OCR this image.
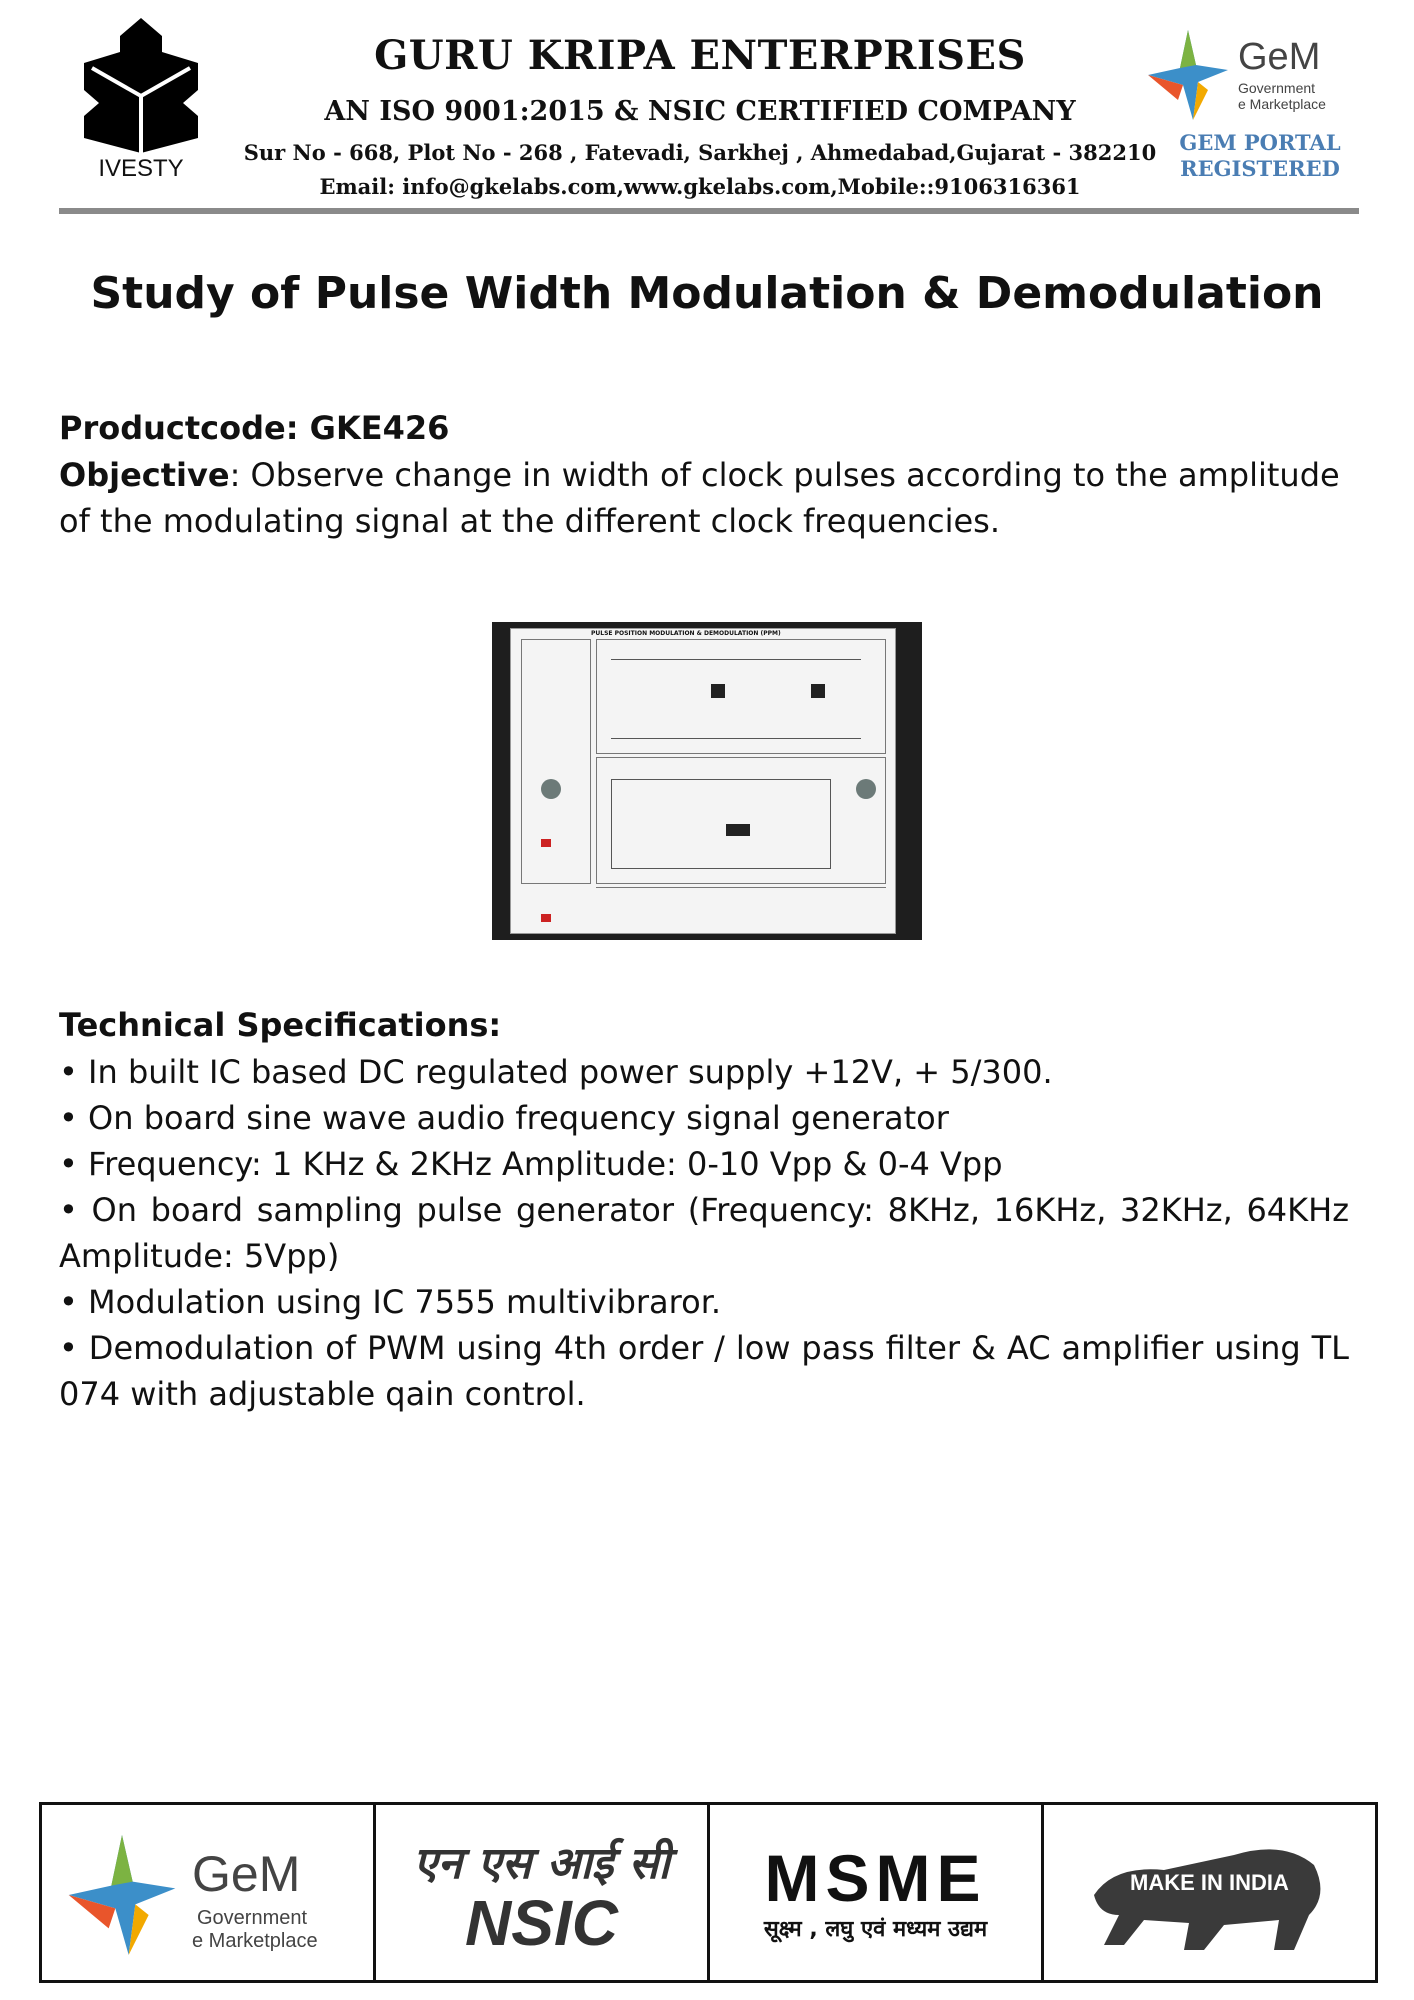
IVESTY
GURU KRIPA ENTERPRISES
AN ISO 9001:2015 & NSIC CERTIFIED COMPANY
Sur No - 668, Plot No - 268 , Fatevadi, Sarkhej , Ahmedabad,Gujarat - 382210
Email: info@gkelabs.com,www.gkelabs.com,Mobile::9106316361
GeM
Government
e Marketplace
GEM PORTAL
REGISTERED
Study of Pulse Width Modulation & Demodulation
Productcode: GKE426
Objective: Observe change in width of clock pulses according to the amplitude of the modulating signal at the different clock frequencies.
PULSE POSITION MODULATION & DEMODULATION (PPM)
Technical Specifications:
• In built IC based DC regulated power supply +12V, + 5/300.
• On board sine wave audio frequency signal generator
• Frequency: 1 KHz & 2KHz Amplitude: 0-10 Vpp & 0-4 Vpp
• On board sampling pulse generator (Frequency: 8KHz, 16KHz, 32KHz, 64KHz Amplitude: 5Vpp)
• Modulation using IC 7555 multivibraror.
• Demodulation of PWM using 4th order / low pass filter & AC amplifier using TL 074 with adjustable qain control.
GeM
Government
e Marketplace
एन एस आई सी
NSIC
MSME
सूक्ष्म , लघु एवं मध्यम उद्यम
MAKE IN INDIA
